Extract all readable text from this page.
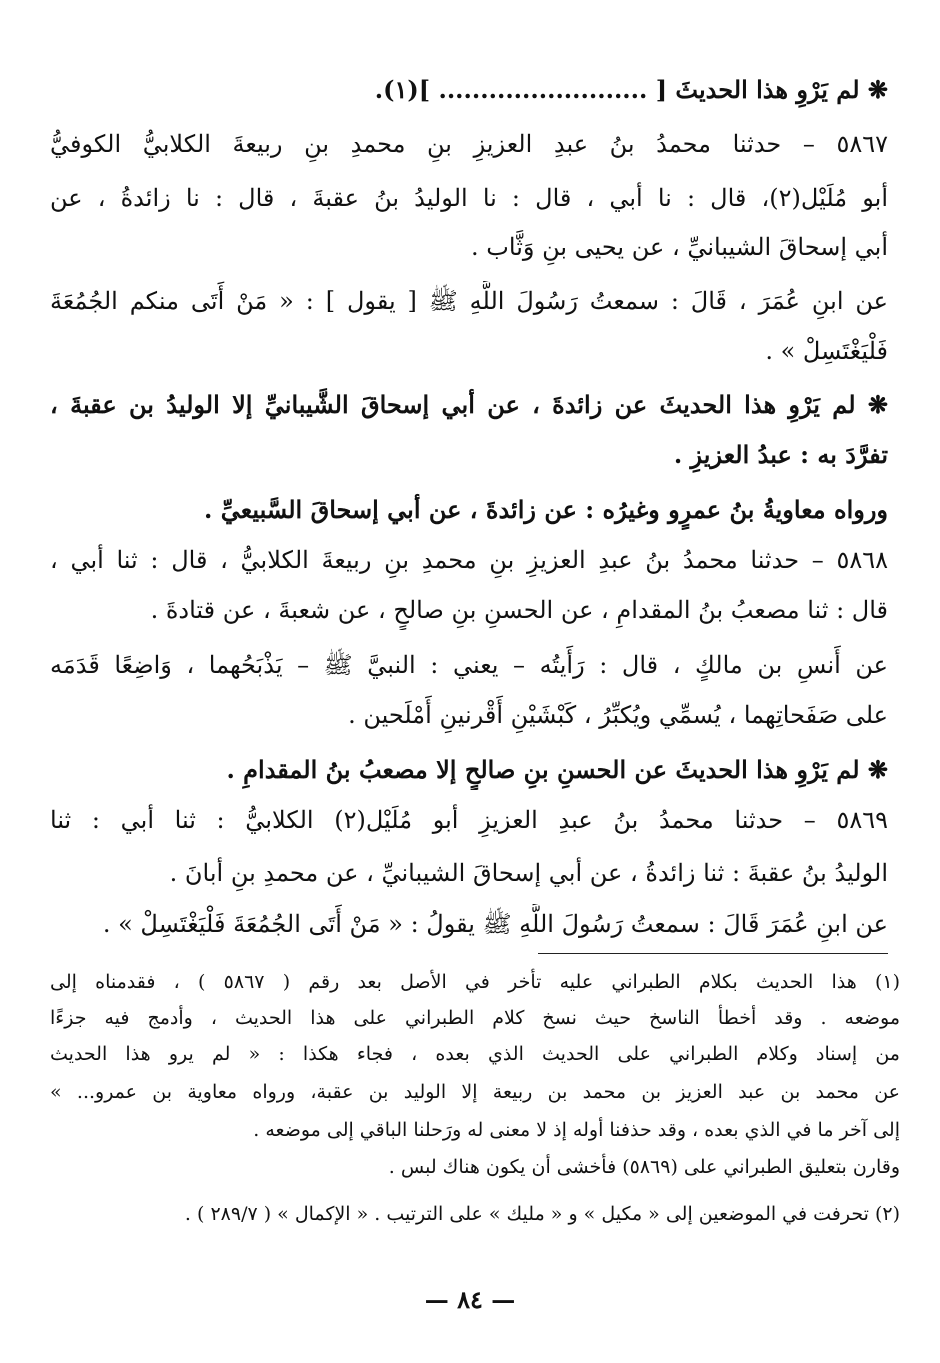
❋ لم يَرْوِ هذا الحديثَ [ ......................... ](١).
٥٨٦٧ – حدثنا محمدُ بنُ عبدِ العزيزِ بنِ محمدِ بنِ ربيعةَ الكلابيُّ الكوفيُّ
أبو مُلَيْل(٢)، قال : نا أبي ، قال : نا الوليدُ بنُ عقبةَ ، قال : نا زائدةُ ، عن
أبي إسحاقَ الشيبانيِّ ، عن يحيى بنِ وَثَّاب .
عن ابنِ عُمَرَ ، قَالَ : سمعتُ رَسُولَ اللَّهِ ﷺ [ يقول ] : « مَنْ أَتَى منكم الجُمُعَةَ
فَلْيَغْتَسِلْ » .
❋ لم يَرْوِ هذا الحديثَ عن زائدةَ ، عن أبي إسحاقَ الشَّيبانيِّ إلا الوليدُ بن عقبةَ ،
تفرَّدَ به : عبدُ العزيزِ .
ورواه معاويةُ بنُ عمرٍو وغيرُه : عن زائدةَ ، عن أبي إسحاقَ السَّبيعيِّ .
٥٨٦٨ – حدثنا محمدُ بنُ عبدِ العزيزِ بنِ محمدِ بنِ ربيعةَ الكلابيُّ ، قال : ثنا أبي ،
قال : ثنا مصعبُ بنُ المقدامِ ، عن الحسنِ بنِ صالحٍ ، عن شعبةَ ، عن قتادةَ .
عن أَنسِ بن مالكٍ ، قال : رَأَيتُه – يعني : النبيَّ ﷺ – يَذْبَحُهما ، وَاضِعًا قَدَمَه
على صَفَحاتِهما ، يُسمِّي ويُكبِّرُ ، كَبْشَيْنِ أَقْرنينِ أَمْلَحين .
❋ لم يَرْوِ هذا الحديثَ عن الحسنِ بنِ صالحٍ إلا مصعبُ بنُ المقدامِ .
٥٨٦٩ – حدثنا محمدُ بنُ عبدِ العزيزِ أبو مُلَيْل(٢) الكلابيُّ : ثنا أبي : ثنا
الوليدُ بنُ عقبةَ : ثنا زائدةُ ، عن أبي إسحاقَ الشيبانيِّ ، عن محمدِ بنِ أبانَ .
عن ابنِ عُمَرَ قَالَ : سمعتُ رَسُولَ اللَّهِ ﷺ يقولُ : « مَنْ أَتَى الجُمُعَةَ فَلْيَغْتَسِلْ » .
(١) هذا الحديث بكلام الطبراني عليه تأخر في الأصل بعد رقم ( ٥٨٦٧ ) ، فقدمناه إلى
موضعه . وقد أخطأ الناسخ حيث نسخ كلام الطبراني على هذا الحديث ، وأدمج فيه جزءًا
من إسناد وكلام الطبراني على الحديث الذي بعده ، فجاء هكذا : « لم يرو هذا الحديث
عن محمد بن عبد العزيز بن محمد بن ربيعة إلا الوليد بن عقبة، ورواه معاوية بن عمرو... »
إلى آخر ما في الذي بعده ، وقد حذفنا أوله إذ لا معنى له ورَحلنا الباقي إلى موضعه .
وقارن بتعليق الطبراني على (٥٨٦٩) فأخشى أن يكون هناك لبس .
(٢) تحرفت في الموضعين إلى « مكيل » و « مليك » على الترتيب . « الإكمال » ( ٢٨٩/٧ ) .
— ٨٤ —
